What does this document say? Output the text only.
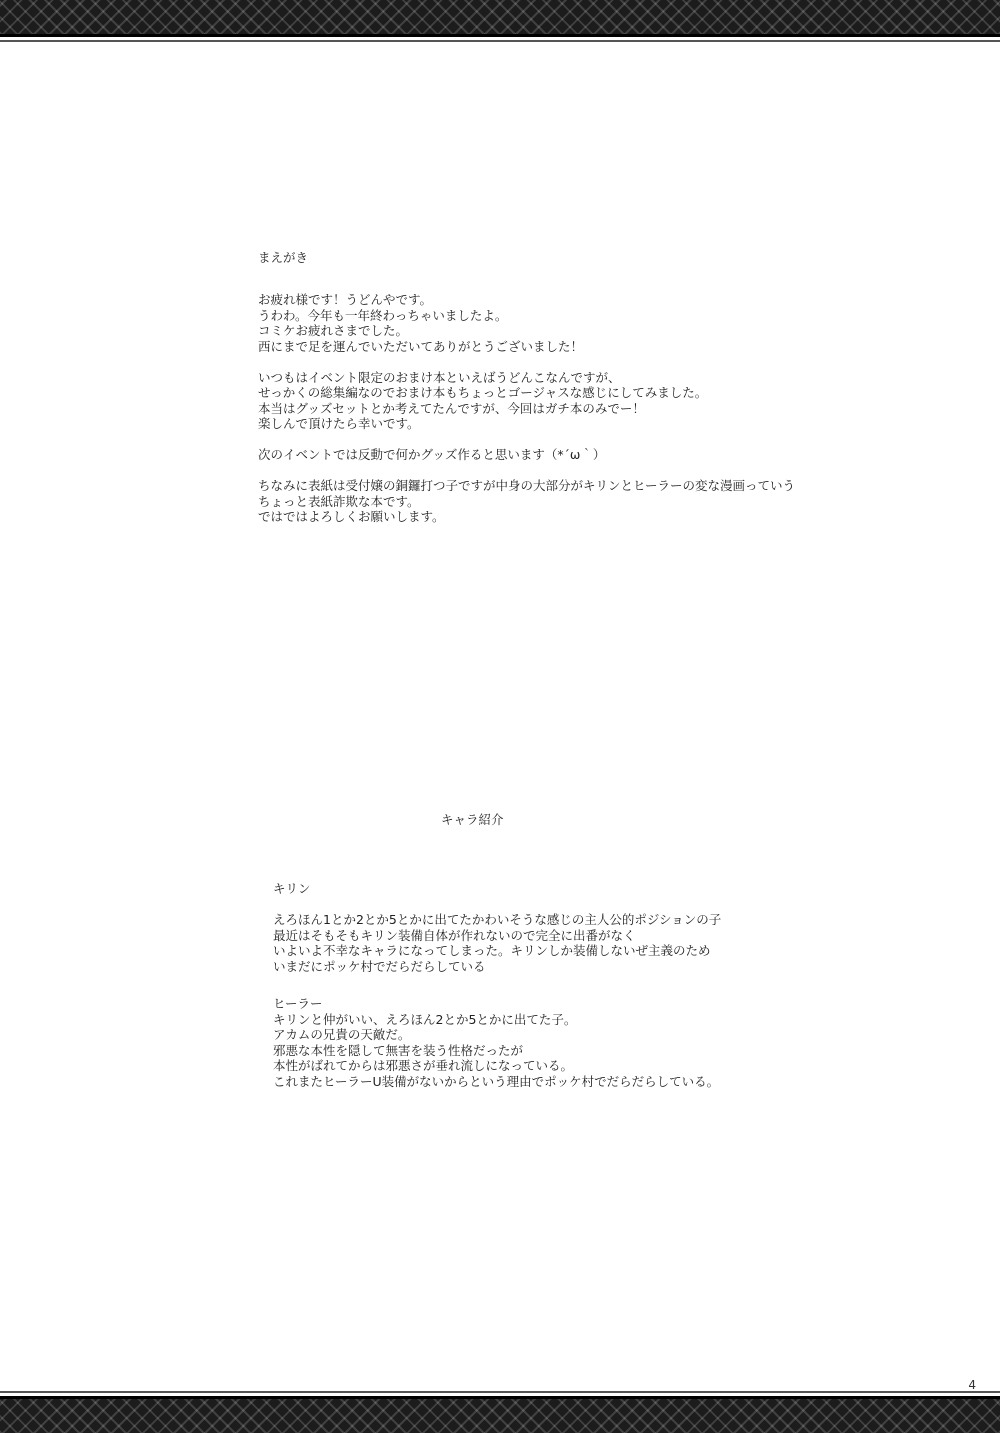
まえがき
お疲れ様です！うどんやです。
うわわ。今年も一年終わっちゃいましたよ。
コミケお疲れさまでした。
西にまで足を運んでいただいてありがとうございました！
いつもはイベント限定のおまけ本といえばうどんこなんですが、
せっかくの総集編なのでおまけ本もちょっとゴージャスな感じにしてみました。
本当はグッズセットとか考えてたんですが、今回はガチ本のみでー！
楽しんで頂けたら幸いです。
次のイベントでは反動で何かグッズ作ると思います（*´ω｀）
ちなみに表紙は受付嬢の銅鑼打つ子ですが中身の大部分がキリンとヒーラーの変な漫画っていう
ちょっと表紙詐欺な本です。
ではではよろしくお願いします。
キャラ紹介
キリン
えろほん1とか2とか5とかに出てたかわいそうな感じの主人公的ポジションの子
最近はそもそもキリン装備自体が作れないので完全に出番がなく
いよいよ不幸なキャラになってしまった。キリンしか装備しないぜ主義のため
いまだにポッケ村でだらだらしている
ヒーラー
キリンと仲がいい、えろほん2とか5とかに出てた子。
アカムの兄貴の天敵だ。
邪悪な本性を隠して無害を装う性格だったが
本性がばれてからは邪悪さが垂れ流しになっている。
これまたヒーラーU装備がないからという理由でポッケ村でだらだらしている。
4
